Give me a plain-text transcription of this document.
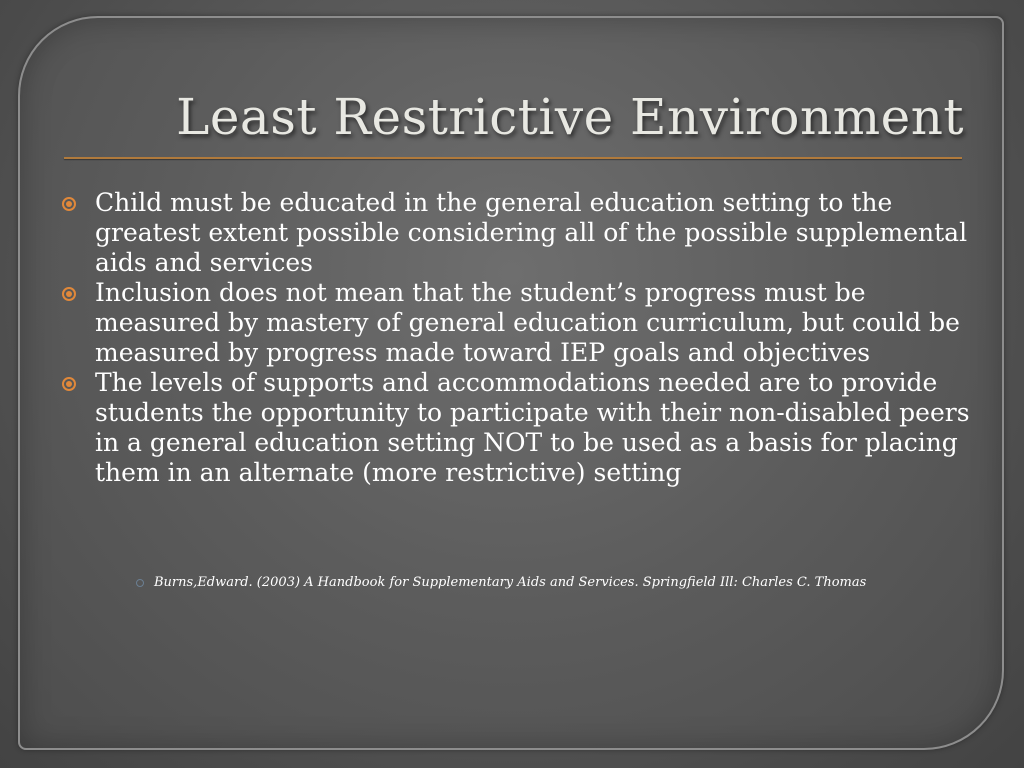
Least Restrictive Environment
Child must be educated in the general education setting to the greatest extent possible considering all of the possible supplemental aids and services
Inclusion does not mean that the student’s progress must be measured by mastery of general education curriculum, but could be measured by progress made toward IEP goals and objectives
The levels of supports and accommodations needed are to provide students the opportunity to participate with their non-disabled peers in a general education setting NOT to be used as a basis for placing them in an alternate (more restrictive) setting
Burns,Edward. (2003) A Handbook for Supplementary Aids and Services. Springfield Ill: Charles C. Thomas
